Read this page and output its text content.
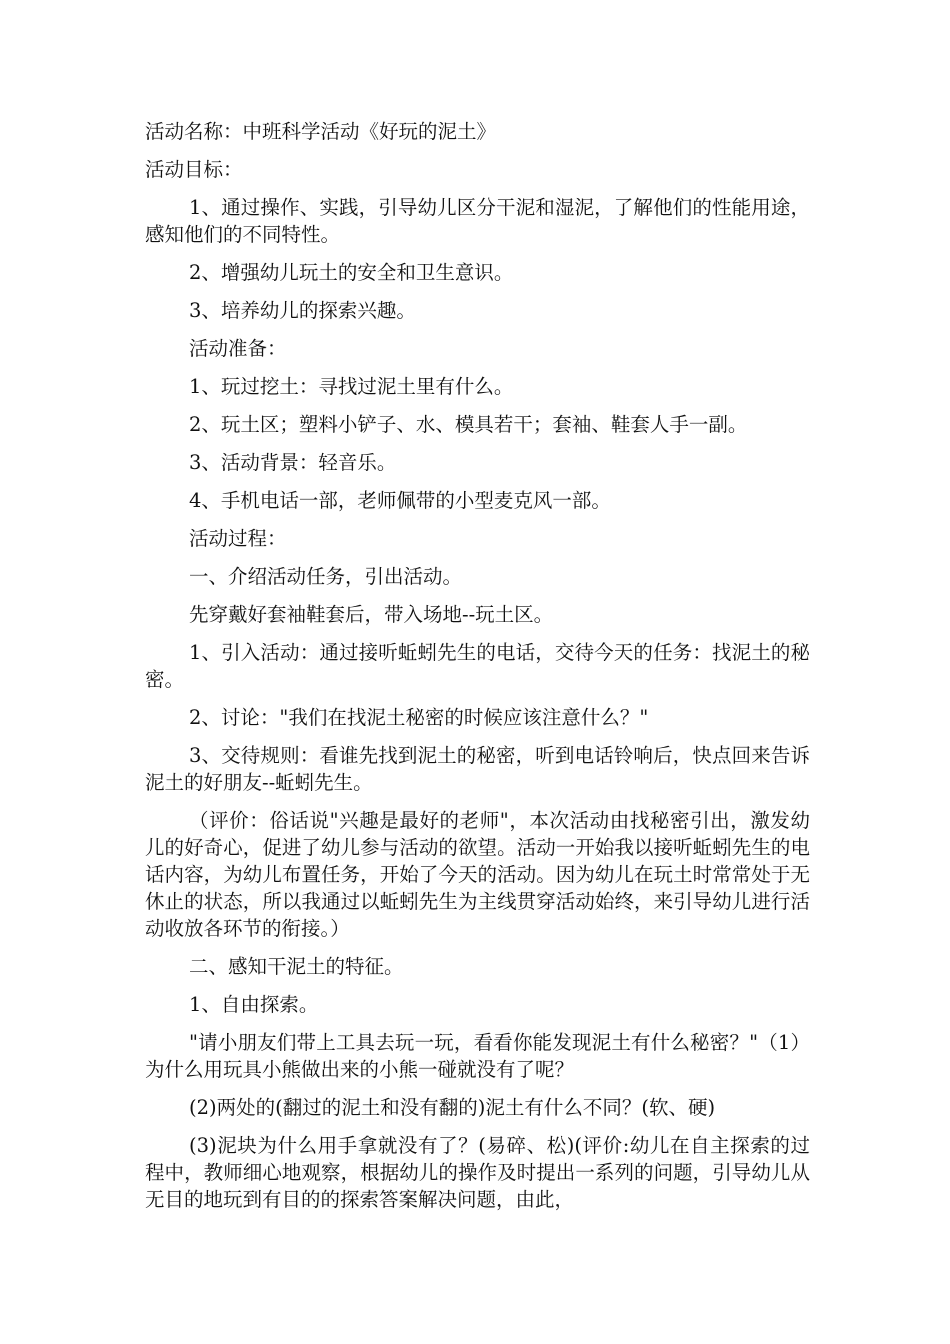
活动名称：中班科学活动《好玩的泥土》

活动目标：

1、通过操作、实践，引导幼儿区分干泥和湿泥，了解他们的性能用途，感知他们的不同特性。

2、增强幼儿玩土的安全和卫生意识。

3、培养幼儿的探索兴趣。

活动准备：

1、玩过挖土：寻找过泥土里有什么。

2、玩土区；塑料小铲子、水、模具若干；套袖、鞋套人手一副。

3、活动背景：轻音乐。

4、手机电话一部，老师佩带的小型麦克风一部。

活动过程：

一、介绍活动任务，引出活动。

先穿戴好套袖鞋套后，带入场地--玩土区。

1、引入活动：通过接听蚯蚓先生的电话，交待今天的任务：找泥土的秘密。

2、讨论："我们在找泥土秘密的时候应该注意什么？"

3、交待规则：看谁先找到泥土的秘密，听到电话铃响后，快点回来告诉泥土的好朋友--蚯蚓先生。

（评价：俗话说"兴趣是最好的老师"，本次活动由找秘密引出，激发幼儿的好奇心，促进了幼儿参与活动的欲望。活动一开始我以接听蚯蚓先生的电话内容，为幼儿布置任务，开始了今天的活动。因为幼儿在玩土时常常处于无休止的状态，所以我通过以蚯蚓先生为主线贯穿活动始终，来引导幼儿进行活动收放各环节的衔接。）

二、感知干泥土的特征。

1、自由探索。

"请小朋友们带上工具去玩一玩，看看你能发现泥土有什么秘密？"（1）为什么用玩具小熊做出来的小熊一碰就没有了呢？

(2)两处的(翻过的泥土和没有翻的)泥土有什么不同？(软、硬)

(3)泥块为什么用手拿就没有了？(易碎、松)(评价:幼儿在自主探索的过程中，教师细心地观察，根据幼儿的操作及时提出一系列的问题，引导幼儿从无目的地玩到有目的的探索答案解决问题，由此，
